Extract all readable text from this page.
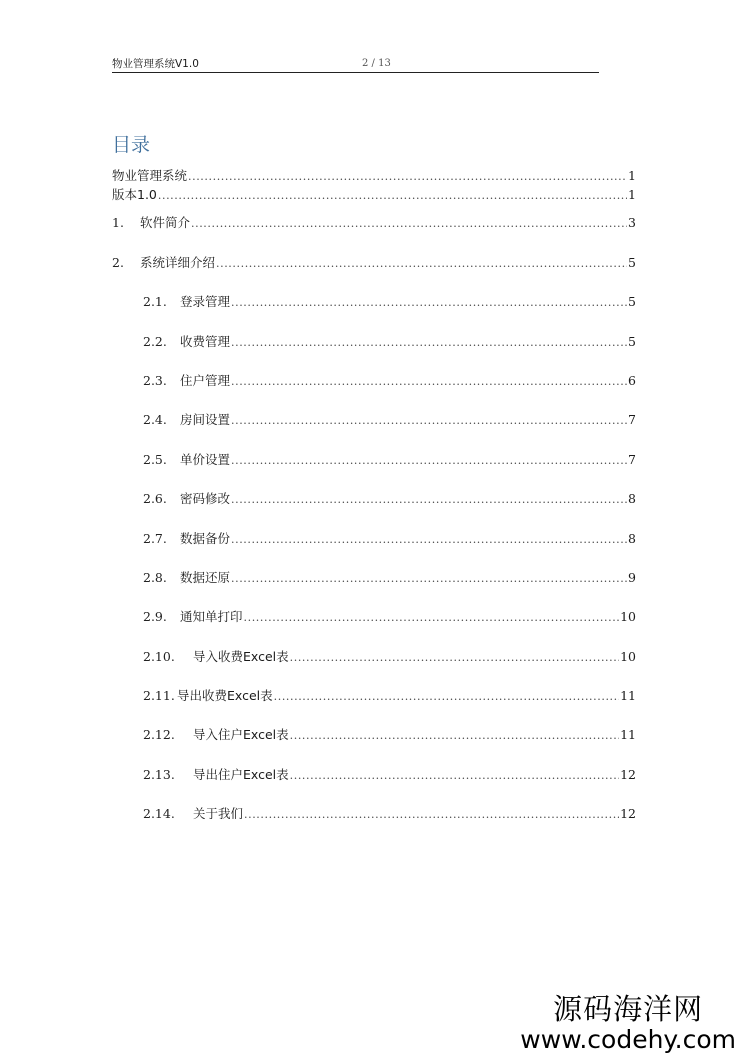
物业管理系统V1.0	2 / 13
目录
物业管理系统 .....	1
版本1.0 .....	1
1.	软件简介 .....	3
2.	系统详细介绍 .....	5
2.1.	登录管理 .....	5
2.2.	收费管理 .....	5
2.3.	住户管理 .....	6
2.4.	房间设置 .....	7
2.5.	单价设置 .....	7
2.6.	密码修改 .....	8
2.7.	数据备份 .....	8
2.8.	数据还原 .....	9
2.9.	通知单打印 .....	10
2.10.	导入收费Excel表 .....	10
2.11. 导出收费Excel表 .....	11
2.12.	导入住户Excel表 .....	11
2.13.	导出住户Excel表 .....	12
2.14.	关于我们 .....	12
源码海洋网
www.codehy.com
